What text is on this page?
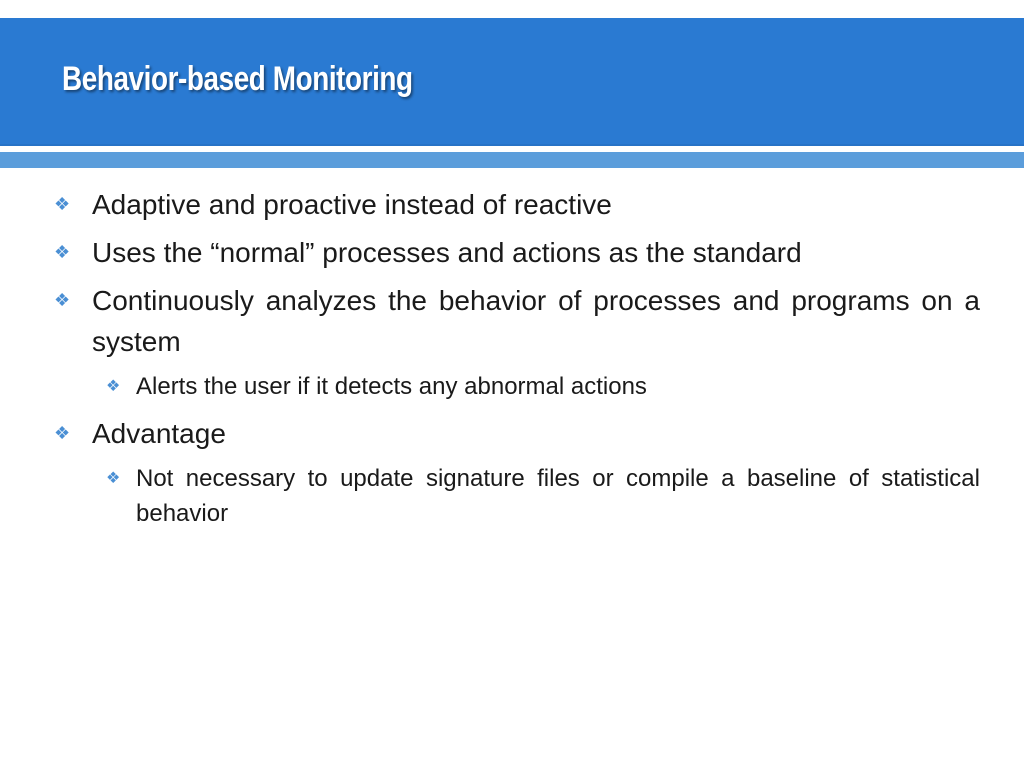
Behavior-based Monitoring

❖ Adaptive and proactive instead of reactive

❖ Uses the “normal” processes and actions as the standard

❖ Continuously analyzes the behavior of processes and programs on a system

❖ Alerts the user if it detects any abnormal actions

❖ Advantage

❖ Not necessary to update signature files or compile a baseline of statistical behavior
